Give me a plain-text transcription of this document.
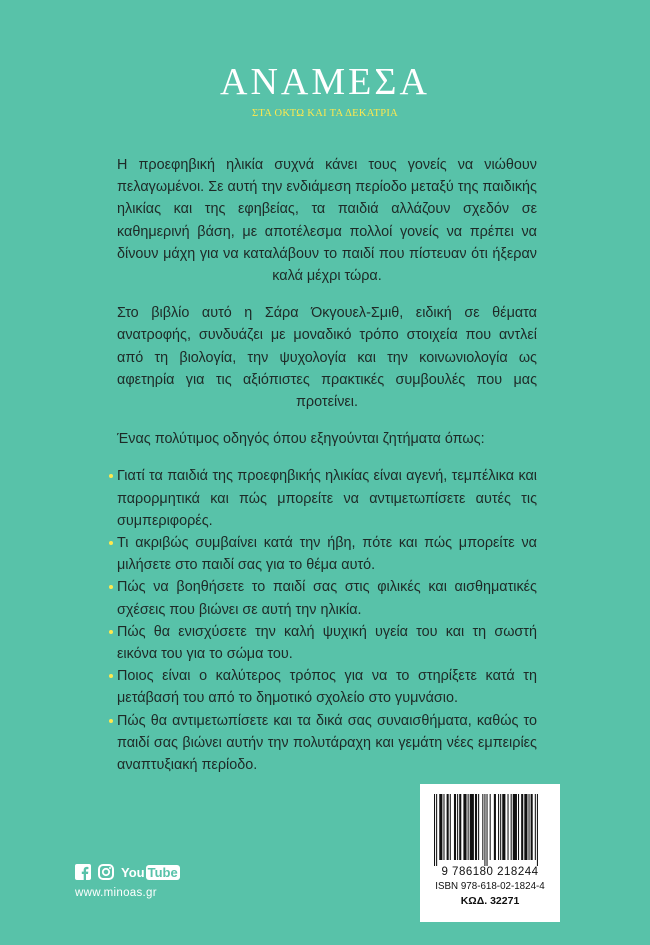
ΑΝΑΜΕΣΑ
ΣΤΑ ΟΚΤΩ ΚΑΙ ΤΑ ΔΕΚΑΤΡΙΑ

Η προεφηβική ηλικία συχνά κάνει τους γονείς να νιώθουν πελαγωμένοι. Σε αυτή την ενδιάμεση περίοδο μεταξύ της παιδικής ηλικίας και της εφηβείας, τα παιδιά αλλάζουν σχεδόν σε καθημερινή βάση, με αποτέλεσμα πολλοί γονείς να πρέπει να δίνουν μάχη για να καταλάβουν το παιδί που πίστευαν ότι ήξεραν καλά μέχρι τώρα.

Στο βιβλίο αυτό η Σάρα Όκγουελ-Σμιθ, ειδική σε θέματα ανατροφής, συνδυάζει με μοναδικό τρόπο στοιχεία που αντλεί από τη βιολογία, την ψυχολογία και την κοινωνιολογία ως αφετηρία για τις αξιόπιστες πρακτικές συμβουλές που μας προτείνει.

Ένας πολύτιμος οδηγός όπου εξηγούνται ζητήματα όπως:

Γιατί τα παιδιά της προεφηβικής ηλικίας είναι αγενή, τεμπέλικα και παρορμητικά και πώς μπορείτε να αντιμετωπίσετε αυτές τις συμπεριφορές.
Τι ακριβώς συμβαίνει κατά την ήβη, πότε και πώς μπορείτε να μιλήσετε στο παιδί σας για το θέμα αυτό.
Πώς να βοηθήσετε το παιδί σας στις φιλικές και αισθηματικές σχέσεις που βιώνει σε αυτή την ηλικία.
Πώς θα ενισχύσετε την καλή ψυχική υγεία του και τη σωστή εικόνα του για το σώμα του.
Ποιος είναι ο καλύτερος τρόπος για να το στηρίξετε κατά τη μετάβασή του από το δημοτικό σχολείο στο γυμνάσιο.
Πώς θα αντιμετωπίσετε και τα δικά σας συναισθήματα, καθώς το παιδί σας βιώνει αυτήν την πολυτάραχη και γεμάτη νέες εμπειρίες αναπτυξιακή περίοδο.
9 786180 218244
ISBN 978-618-02-1824-4
ΚΩΔ. 32271
You Tube
www.minoas.gr
